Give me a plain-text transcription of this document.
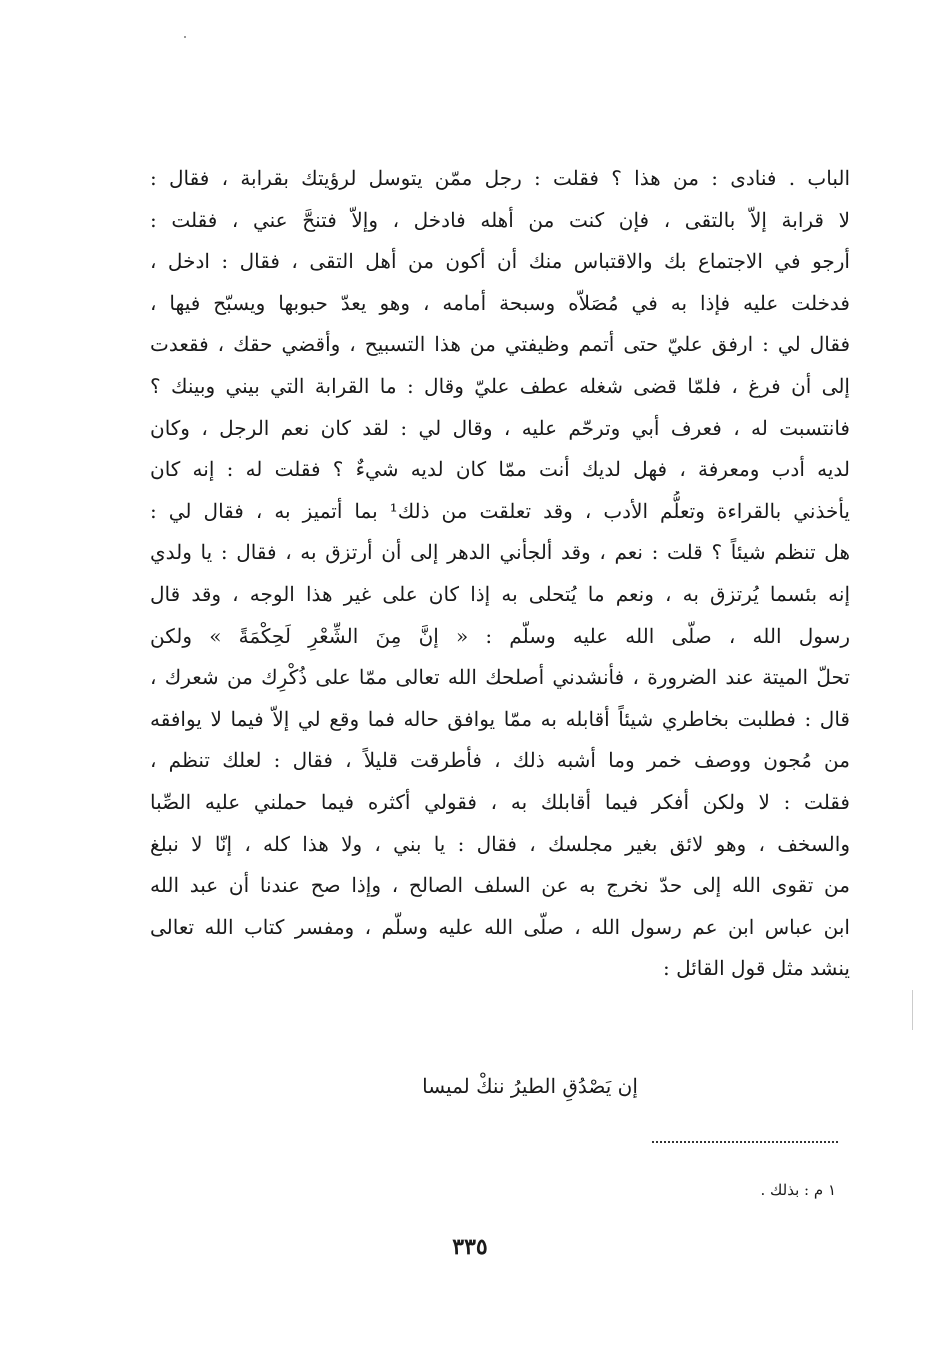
الباب . فنادى : من هذا ؟ فقلت : رجل ممّن يتوسل لرؤيتك بقرابة ، فقال :
لا قرابة إلاّ بالتقى ، فإن كنت من أهله فادخل ، وإلاّ فتنحَّ عني ، فقلت :
أرجو في الاجتماع بك والاقتباس منك أن أكون من أهل التقى ، فقال : ادخل ،
فدخلت عليه فإذا به في مُصَلاّه وسبحة أمامه ، وهو يعدّ حبوبها ويسبّح فيها ،
فقال لي : ارفق عليّ حتى أتمم وظيفتي من هذا التسبيح ، وأقضي حقك ، فقعدت
إلى أن فرغ ، فلمّا قضى شغله عطف عليّ وقال : ما القرابة التي بيني وبينك ؟
فانتسبت له ، فعرف أبي وترحّم عليه ، وقال لي : لقد كان نعم الرجل ، وكان
لديه أدب ومعرفة ، فهل لديك أنت ممّا كان لديه شيءٌ ؟ فقلت له : إنه كان
يأخذني بالقراءة وتعلُّم الأدب ، وقد تعلقت من ذلك¹ بما أتميز به ، فقال لي :
هل تنظم شيئاً ؟ قلت : نعم ، وقد ألجأني الدهر إلى أن أرتزق به ، فقال : يا ولدي
إنه بئسما يُرتزق به ، ونعم ما يُتحلى به إذا كان على غير هذا الوجه ، وقد قال
رسول الله ، صلّى الله عليه وسلّم : « إنَّ مِنَ الشِّعْرِ لَحِكْمَةً » ولكن
تحلّ الميتة عند الضرورة ، فأنشدني أصلحك الله تعالى ممّا على ذُكْرِك من شعرك ،
قال : فطلبت بخاطري شيئاً أقابله به ممّا يوافق حاله فما وقع لي إلاّ فيما لا يوافقه
من مُجون ووصف خمر وما أشبه ذلك ، فأطرقت قليلاً ، فقال : لعلك تنظم ،
فقلت : لا ولكن أفكر فيما أقابلك به ، فقولي أكثره فيما حملني عليه الصِّبا
والسخف ، وهو لائق بغير مجلسك ، فقال : يا بني ، ولا هذا كله ، إنّا لا نبلغ
من تقوى الله إلى حدّ نخرج به عن السلف الصالح ، وإذا صح عندنا أن عبد الله
ابن عباس ابن عم رسول الله ، صلّى الله عليه وسلّم ، ومفسر كتاب الله تعالى
ينشد مثل قول القائل :
إن يَصْدُقِ الطيرُ ننكْ لميسا
١ م : بذلك .
٣٣٥
